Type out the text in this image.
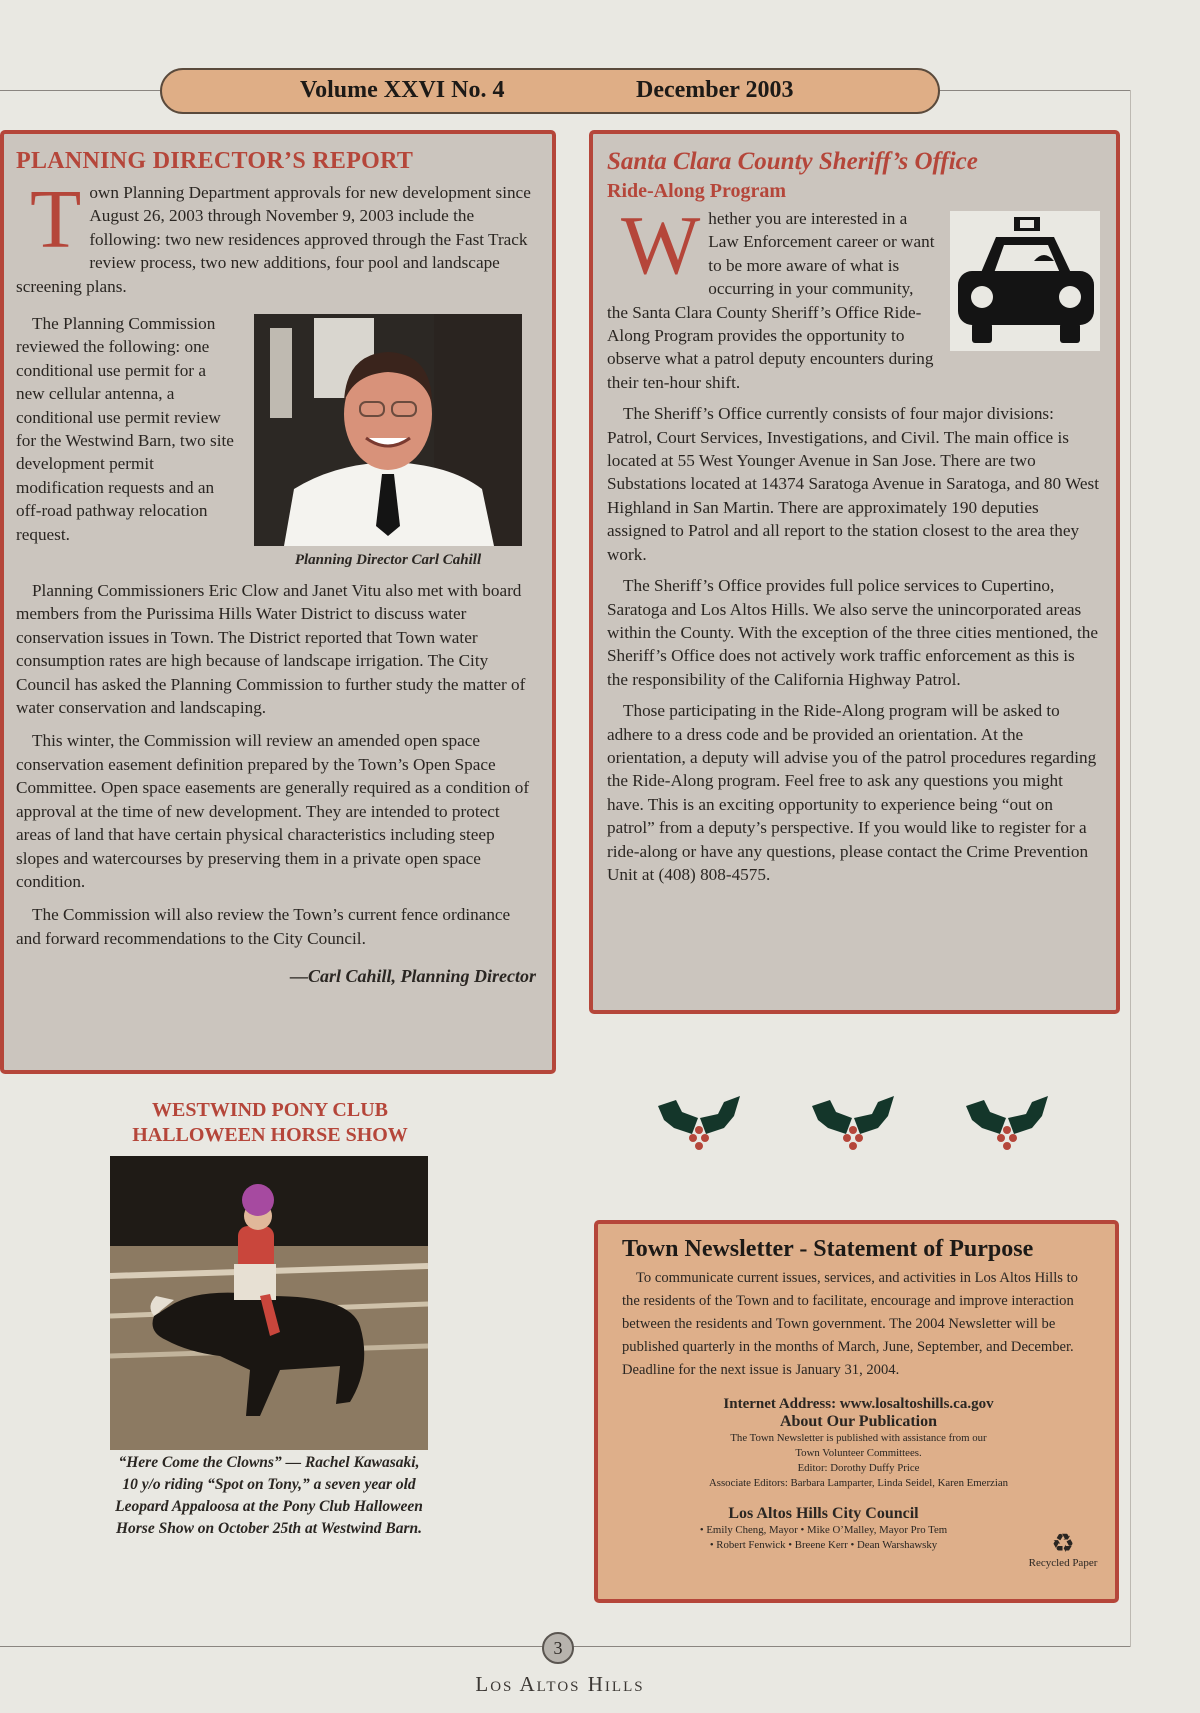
Volume XXVI No. 4	December 2003
PLANNING DIRECTOR’S REPORT

T own Planning Department approvals for new development since August 26, 2003 through November 9, 2003 include the following: two new residences approved through the Fast Track review process, two new additions, four pool and landscape screening plans.

Planning Director Carl Cahill

The Planning Commission reviewed the following: one conditional use permit for a new cellular antenna, a conditional use permit review for the Westwind Barn, two site development permit modification requests and an off-road pathway relocation request.

Planning Commissioners Eric Clow and Janet Vitu also met with board members from the Purissima Hills Water District to discuss water conservation issues in Town. The District reported that Town water consumption rates are high because of landscape irrigation. The City Council has asked the Planning Commission to further study the matter of water conservation and landscaping.

This winter, the Commission will review an amended open space conservation easement definition prepared by the Town’s Open Space Committee. Open space easements are generally required as a condition of approval at the time of new development. They are intended to protect areas of land that have certain physical characteristics including steep slopes and watercourses by preserving them in a private open space condition.

The Commission will also review the Town’s current fence ordinance and forward recommendations to the City Council.

—Carl Cahill, Planning Director
Santa Clara County Sheriff’s Office
Ride-Along Program

W hether you are interested in a Law Enforcement career or want to be more aware of what is occurring in your community, the Santa Clara County Sheriff’s Office Ride-Along Program provides the opportunity to observe what a patrol deputy encounters during their ten-hour shift.

The Sheriff’s Office currently consists of four major divisions: Patrol, Court Services, Investigations, and Civil. The main office is located at 55 West Younger Avenue in San Jose. There are two Substations located at 14374 Saratoga Avenue in Saratoga, and 80 West Highland in San Martin. There are approximately 190 deputies assigned to Patrol and all report to the station closest to the area they work.

The Sheriff’s Office provides full police services to Cupertino, Saratoga and Los Altos Hills. We also serve the unincorporated areas within the County. With the exception of the three cities mentioned, the Sheriff’s Office does not actively work traffic enforcement as this is the responsibility of the California Highway Patrol.

Those participating in the Ride-Along program will be asked to adhere to a dress code and be provided an orientation. At the orientation, a deputy will advise you of the patrol procedures regarding the Ride-Along program. Feel free to ask any questions you might have. This is an exciting opportunity to experience being “out on patrol” from a deputy’s perspective. If you would like to register for a ride-along or have any questions, please contact the Crime Prevention Unit at (408) 808-4575.

WESTWIND PONY CLUB
HALLOWEEN HORSE SHOW
“Here Come the Clowns” — Rachel Kawasaki, 10 y/o riding “Spot on Tony,” a seven year old Leopard Appaloosa at the Pony Club Halloween Horse Show on October 25th at Westwind Barn.
Town Newsletter - Statement of Purpose

To communicate current issues, services, and activities in Los Altos Hills to the residents of the Town and to facilitate, encourage and improve interaction between the residents and Town government. The 2004 Newsletter will be published quarterly in the months of March, June, September, and December. Deadline for the next issue is January 31, 2004.

Internet Address: www.losaltoshills.ca.gov
About Our Publication
The Town Newsletter is published with assistance from our
Town Volunteer Committees.
Editor: Dorothy Duffy Price
Associate Editors: Barbara Lamparter, Linda Seidel, Karen Emerzian
Los Altos Hills City Council
• Emily Cheng, Mayor • Mike O’Malley, Mayor Pro Tem
• Robert Fenwick • Breene Kerr • Dean Warshawsky	♻
Recycled Paper
3
Los Altos Hills
